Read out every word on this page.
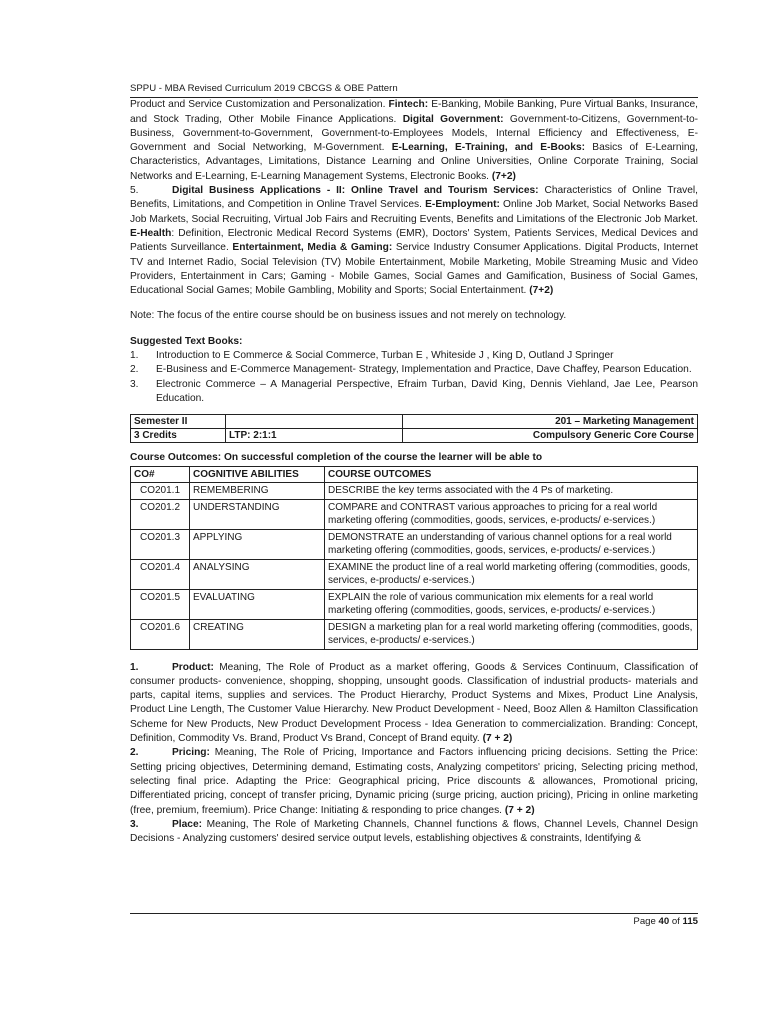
SPPU - MBA Revised Curriculum 2019 CBCGS & OBE Pattern

Product and Service Customization and Personalization. Fintech: E-Banking, Mobile Banking, Pure Virtual Banks, Insurance, and Stock Trading, Other Mobile Finance Applications. Digital Government: Government-to-Citizens, Government-to-Business, Government-to-Government, Government-to-Employees Models, Internal Efficiency and Effectiveness, E-Government and Social Networking, M-Government. E-Learning, E-Training, and E-Books: Basics of E-Learning, Characteristics, Advantages, Limitations, Distance Learning and Online Universities, Online Corporate Training, Social Networks and E-Learning, E-Learning Management Systems, Electronic Books. (7+2)

5.	Digital Business Applications - II: Online Travel and Tourism Services: Characteristics of Online Travel, Benefits, Limitations, and Competition in Online Travel Services. E-Employment: Online Job Market, Social Networks Based Job Markets, Social Recruiting, Virtual Job Fairs and Recruiting Events, Benefits and Limitations of the Electronic Job Market. E-Health: Definition, Electronic Medical Record Systems (EMR), Doctors' System, Patients Services, Medical Devices and Patients Surveillance. Entertainment, Media & Gaming: Service Industry Consumer Applications. Digital Products, Internet TV and Internet Radio, Social Television (TV) Mobile Entertainment, Mobile Marketing, Mobile Streaming Music and Video Providers, Entertainment in Cars; Gaming - Mobile Games, Social Games and Gamification, Business of Social Games, Educational Social Games; Mobile Gambling, Mobility and Sports; Social Entertainment. (7+2)

Note: The focus of the entire course should be on business issues and not merely on technology.

Suggested Text Books:

1.	Introduction to E Commerce & Social Commerce, Turban E , Whiteside J , King D, Outland J Springer
2.	E-Business and E-Commerce Management- Strategy, Implementation and Practice, Dave Chaffey, Pearson Education.
3.	Electronic Commerce – A Managerial Perspective, Efraim Turban, David King, Dennis Viehland, Jae Lee, Pearson Education.
Semester II		201 – Marketing Management
3 Credits	LTP: 2:1:1	Compulsory Generic Core Course
Course Outcomes: On successful completion of the course the learner will be able to
CO#	COGNITIVE ABILITIES	COURSE OUTCOMES
CO201.1	REMEMBERING	DESCRIBE the key terms associated with the 4 Ps of marketing.
CO201.2	UNDERSTANDING	COMPARE and CONTRAST various approaches to pricing for a real world marketing offering (commodities, goods, services, e-products/ e-services.)
CO201.3	APPLYING	DEMONSTRATE an understanding of various channel options for a real world marketing offering (commodities, goods, services, e-products/ e-services.)
CO201.4	ANALYSING	EXAMINE the product line of a real world marketing offering (commodities, goods, services, e-products/ e-services.)
CO201.5	EVALUATING	EXPLAIN the role of various communication mix elements for a real world marketing offering (commodities, goods, services, e-products/ e-services.)
CO201.6	CREATING	DESIGN a marketing plan for a real world marketing offering (commodities, goods, services, e-products/ e-services.)

1.	Product: Meaning, The Role of Product as a market offering, Goods & Services Continuum, Classification of consumer products- convenience, shopping, shopping, unsought goods. Classification of industrial products- materials and parts, capital items, supplies and services. The Product Hierarchy, Product Systems and Mixes, Product Line Analysis, Product Line Length, The Customer Value Hierarchy. New Product Development - Need, Booz Allen & Hamilton Classification Scheme for New Products, New Product Development Process - Idea Generation to commercialization. Branding: Concept, Definition, Commodity Vs. Brand, Product Vs Brand, Concept of Brand equity. (7 + 2)

2.	Pricing: Meaning, The Role of Pricing, Importance and Factors influencing pricing decisions. Setting the Price: Setting pricing objectives, Determining demand, Estimating costs, Analyzing competitors' pricing, Selecting pricing method, selecting final price. Adapting the Price: Geographical pricing, Price discounts & allowances, Promotional pricing, Differentiated pricing, concept of transfer pricing, Dynamic pricing (surge pricing, auction pricing), Pricing in online marketing (free, premium, freemium). Price Change: Initiating & responding to price changes. (7 + 2)

3.	Place: Meaning, The Role of Marketing Channels, Channel functions & flows, Channel Levels, Channel Design Decisions - Analyzing customers' desired service output levels, establishing objectives & constraints, Identifying &

Page 40 of 115
